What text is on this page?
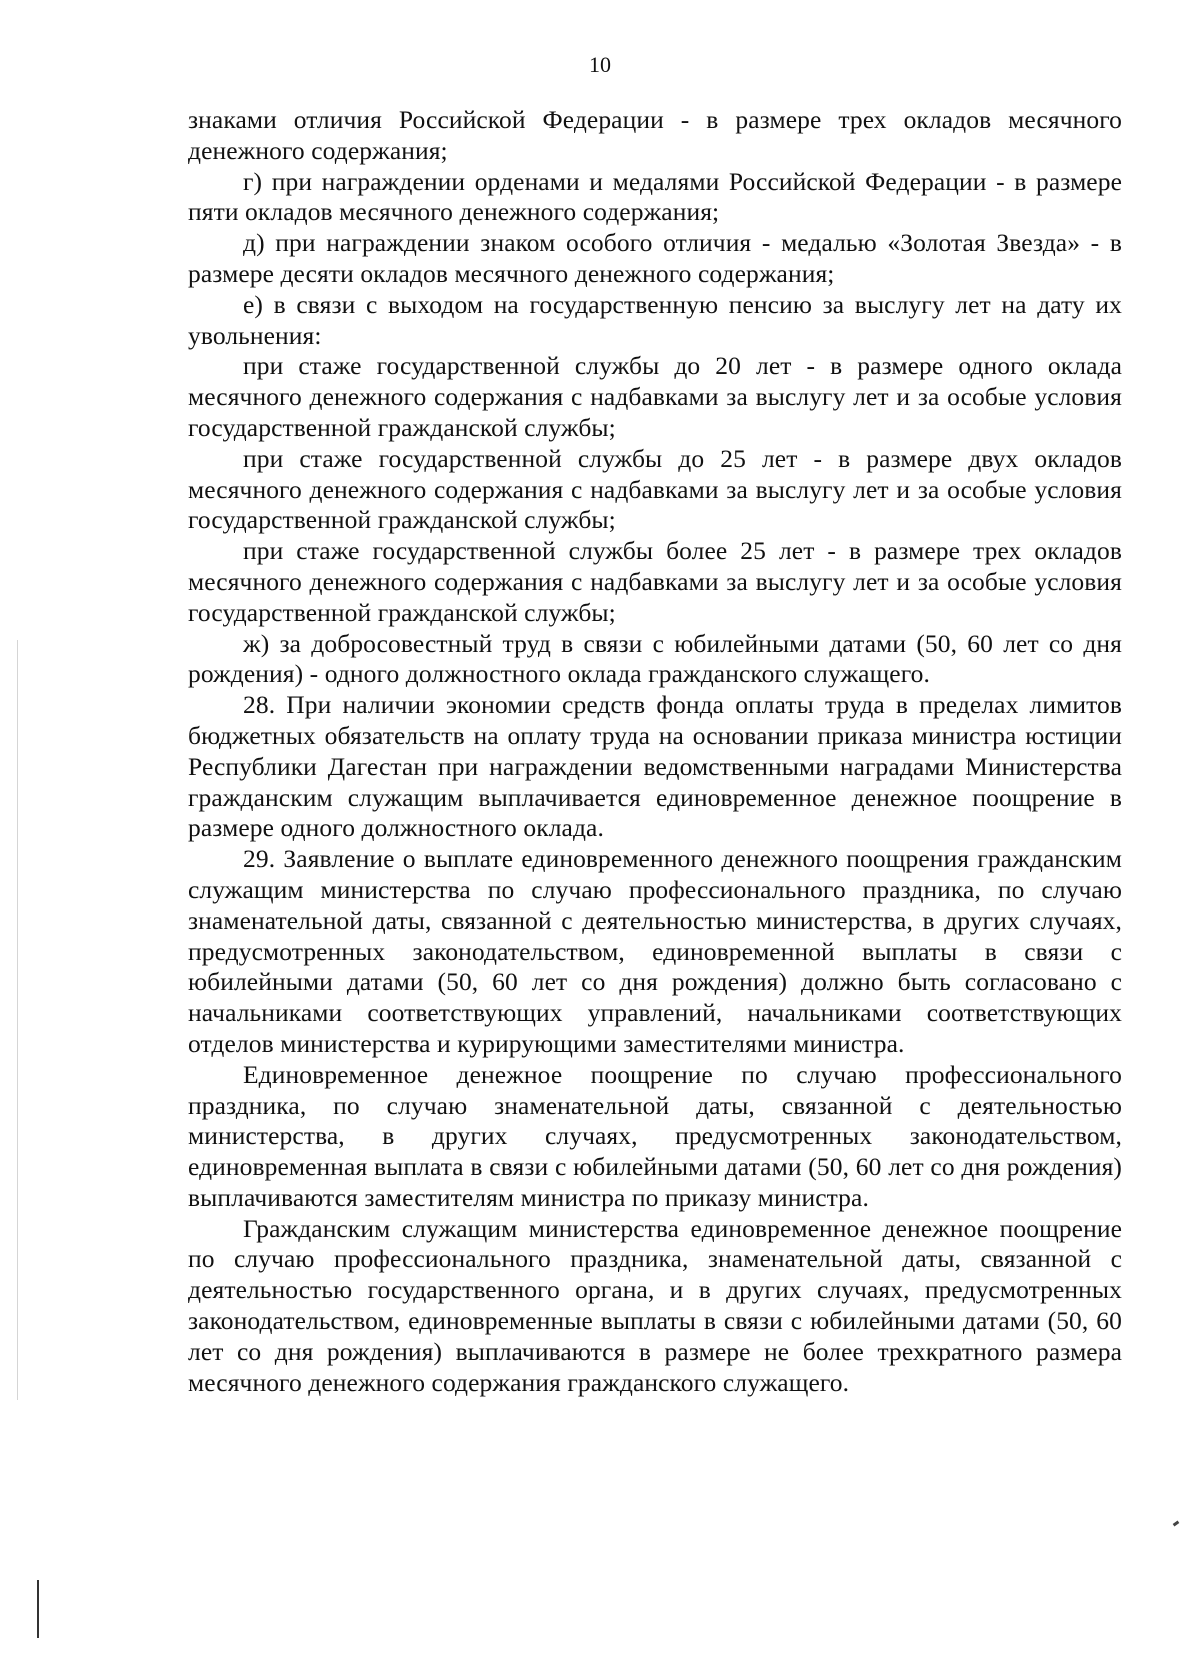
10

знаками отличия Российской Федерации - в размере трех окладов месячного денежного содержания;

г) при награждении орденами и медалями Российской Федерации - в размере пяти окладов месячного денежного содержания;

д) при награждении знаком особого отличия - медалью «Золотая Звезда» - в размере десяти окладов месячного денежного содержания;

е) в связи с выходом на государственную пенсию за выслугу лет на дату их увольнения:

при стаже государственной службы до 20 лет - в размере одного оклада месячного денежного содержания с надбавками за выслугу лет и за особые условия государственной гражданской службы;

при стаже государственной службы до 25 лет - в размере двух окладов месячного денежного содержания с надбавками за выслугу лет и за особые условия государственной гражданской службы;

при стаже государственной службы более 25 лет - в размере трех окладов месячного денежного содержания с надбавками за выслугу лет и за особые условия государственной гражданской службы;

ж) за добросовестный труд в связи с юбилейными датами (50, 60 лет со дня рождения) - одного должностного оклада гражданского служащего.

28. При наличии экономии средств фонда оплаты труда в пределах лимитов бюджетных обязательств на оплату труда на основании приказа министра юстиции Республики Дагестан при награждении ведомственными наградами Министерства гражданским служащим выплачивается единовременное денежное поощрение в размере одного должностного оклада.

29. Заявление о выплате единовременного денежного поощрения гражданским служащим министерства по случаю профессионального праздника, по случаю знаменательной даты, связанной с деятельностью министерства, в других случаях, предусмотренных законодательством, единовременной выплаты в связи с юбилейными датами (50, 60 лет со дня рождения) должно быть согласовано с начальниками соответствующих управлений, начальниками соответствующих отделов министерства и курирующими заместителями министра.

Единовременное денежное поощрение по случаю профессионального праздника, по случаю знаменательной даты, связанной с деятельностью министерства, в других случаях, предусмотренных законодательством, единовременная выплата в связи с юбилейными датами (50, 60 лет со дня рождения) выплачиваются заместителям министра по приказу министра.

Гражданским служащим министерства единовременное денежное поощрение по случаю профессионального праздника, знаменательной даты, связанной с деятельностью государственного органа, и в других случаях, предусмотренных законодательством, единовременные выплаты в связи с юбилейными датами (50, 60 лет со дня рождения) выплачиваются в размере не более трехкратного размера месячного денежного содержания гражданского служащего.
